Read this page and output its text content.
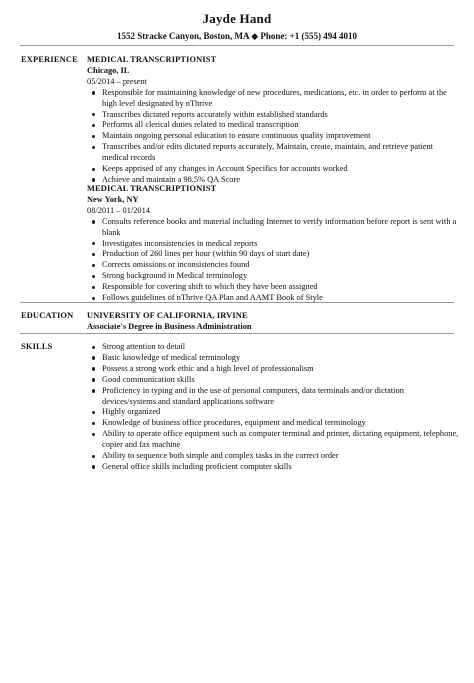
Jayde Hand
1552 Stracke Canyon, Boston, MA ◆ Phone: +1 (555) 494 4010
EXPERIENCE MEDICAL TRANSCRIPTIONIST
Chicago, IL
05/2014 – present
Responsible for maintaining knowledge of new procedures, medications, etc. in order to perform at the high level designated by nThrive
Transcribes dictated reports accurately within established standards
Performs all clerical duties related to medical transcription
Maintain ongoing personal education to ensure continuous quality improvement
Transcribes and/or edits dictated reports accurately, Maintain, create, maintain, and retrieve patient medical records
Keeps apprised of any changes in Account Specifics for accounts worked
Achieve and maintain a 98.5% QA Score
MEDICAL TRANSCRIPTIONIST
New York, NY
08/2011 – 01/2014
Consults reference books and material including Internet to verify information before report is sent with a blank
Investigates inconsistencies in medical reports
Production of 260 lines per hour (within 90 days of start date)
Corrects omissions or inconsistencies found
Strong background in Medical terminology
Responsible for covering shift to which they have been assigned
Follows guidelines of nThrive QA Plan and AAMT Book of Style
EDUCATION UNIVERSITY OF CALIFORNIA, IRVINE
Associate's Degree in Business Administration
SKILLS	Strong attention to detail
Basic knowledge of medical terminology
Possess a strong work ethic and a high level of professionalism
Good communication skills
Proficiency in typing and in the use of personal computers, data terminals and/or dictation devices/systems and standard applications software
Highly organized
Knowledge of business office procedures, equipment and medical terminology
Ability to operate office equipment such as computer terminal and printer, dictating equipment, telephone, copier and fax machine
Ability to sequence both simple and complex tasks in the correct order
General office skills including proficient computer skills
